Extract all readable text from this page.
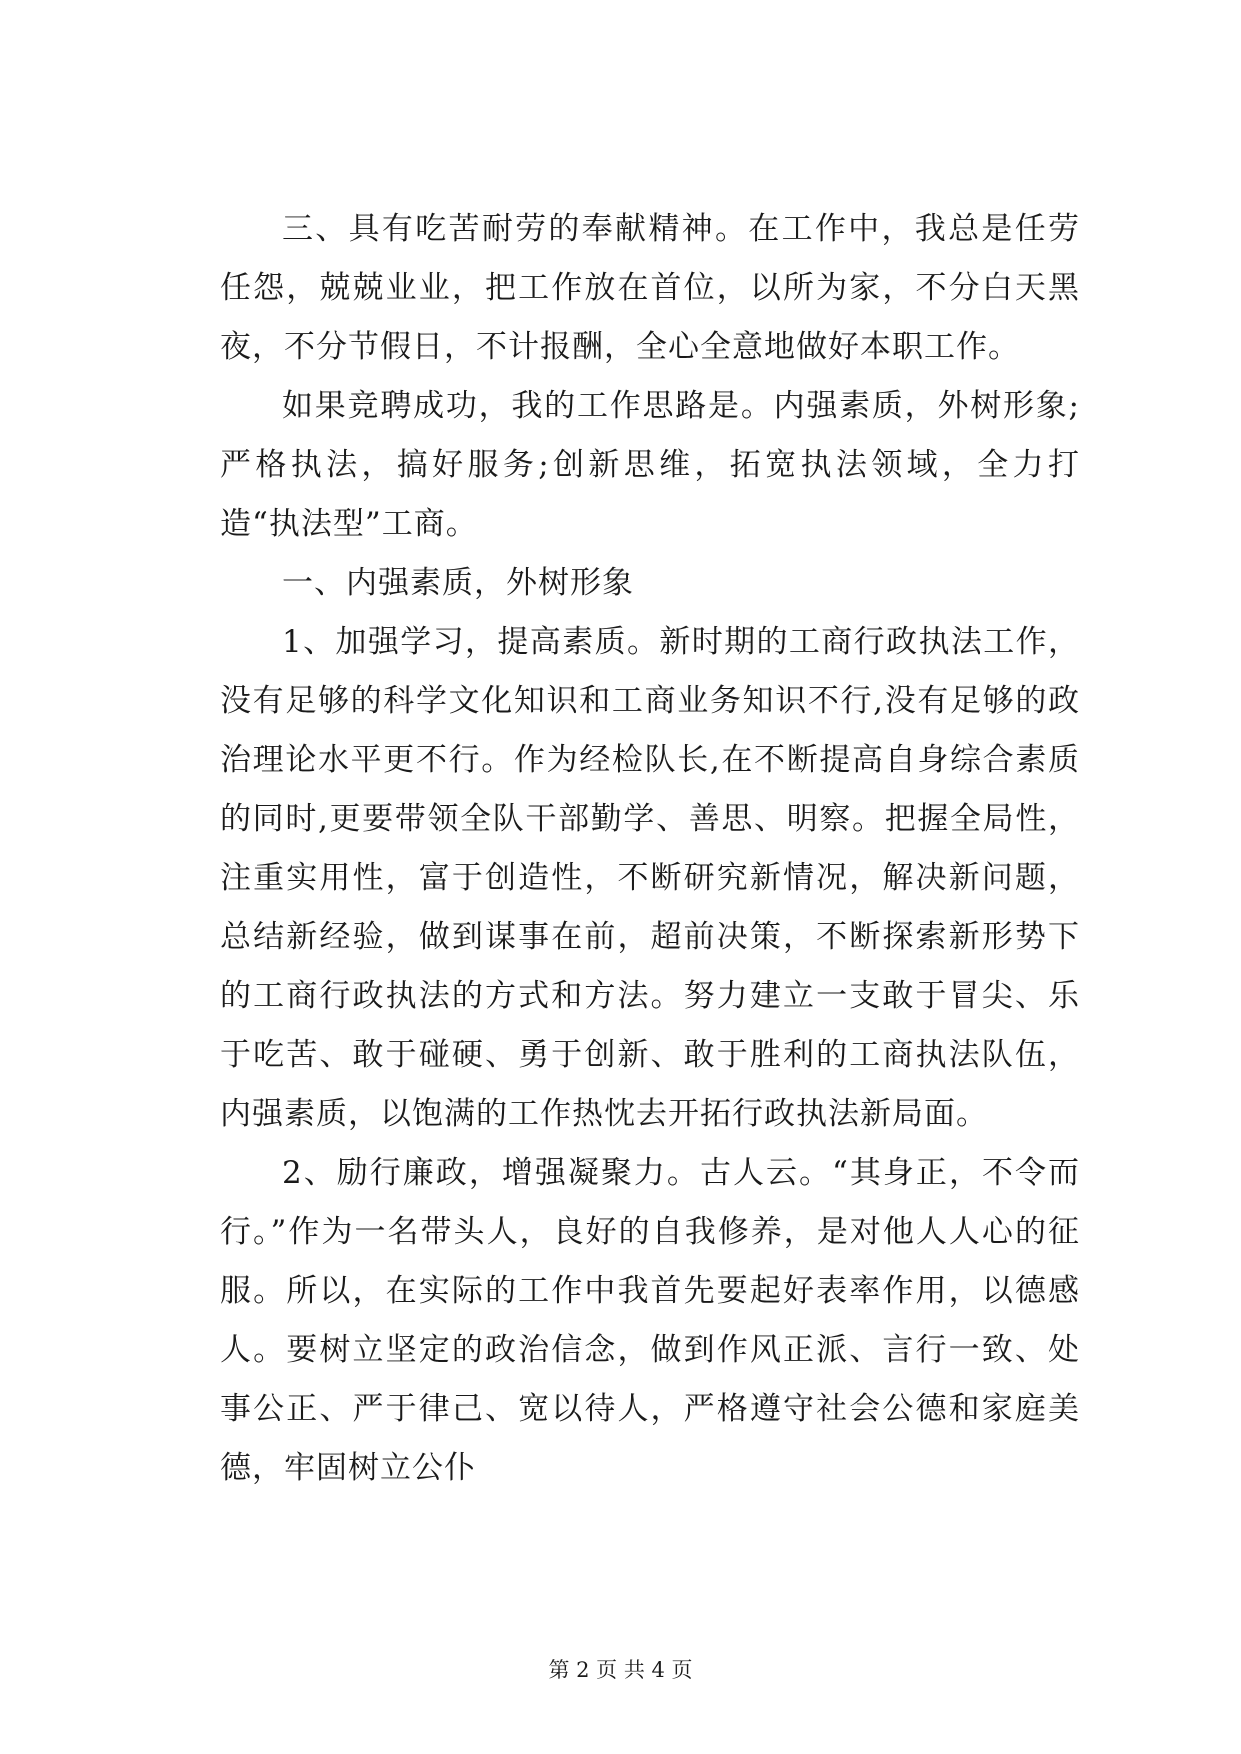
三、具有吃苦耐劳的奉献精神。在工作中，我总是任劳任怨，兢兢业业，把工作放在首位，以所为家，不分白天黑夜，不分节假日，不计报酬，全心全意地做好本职工作。

如果竞聘成功，我的工作思路是。内强素质，外树形象;严格执法，搞好服务;创新思维，拓宽执法领域，全力打造“执法型”工商。

一、内强素质，外树形象

1、加强学习，提高素质。新时期的工商行政执法工作，没有足够的科学文化知识和工商业务知识不行,没有足够的政治理论水平更不行。作为经检队长,在不断提高自身综合素质的同时,更要带领全队干部勤学、善思、明察。把握全局性，注重实用性，富于创造性，不断研究新情况，解决新问题，总结新经验，做到谋事在前，超前决策，不断探索新形势下的工商行政执法的方式和方法。努力建立一支敢于冒尖、乐于吃苦、敢于碰硬、勇于创新、敢于胜利的工商执法队伍，内强素质，以饱满的工作热忱去开拓行政执法新局面。

2、励行廉政，增强凝聚力。古人云。“其身正，不令而行。”作为一名带头人，良好的自我修养，是对他人人心的征服。所以，在实际的工作中我首先要起好表率作用，以德感人。要树立坚定的政治信念，做到作风正派、言行一致、处事公正、严于律己、宽以待人，严格遵守社会公德和家庭美德，牢固树立公仆

第 2 页 共 4 页
